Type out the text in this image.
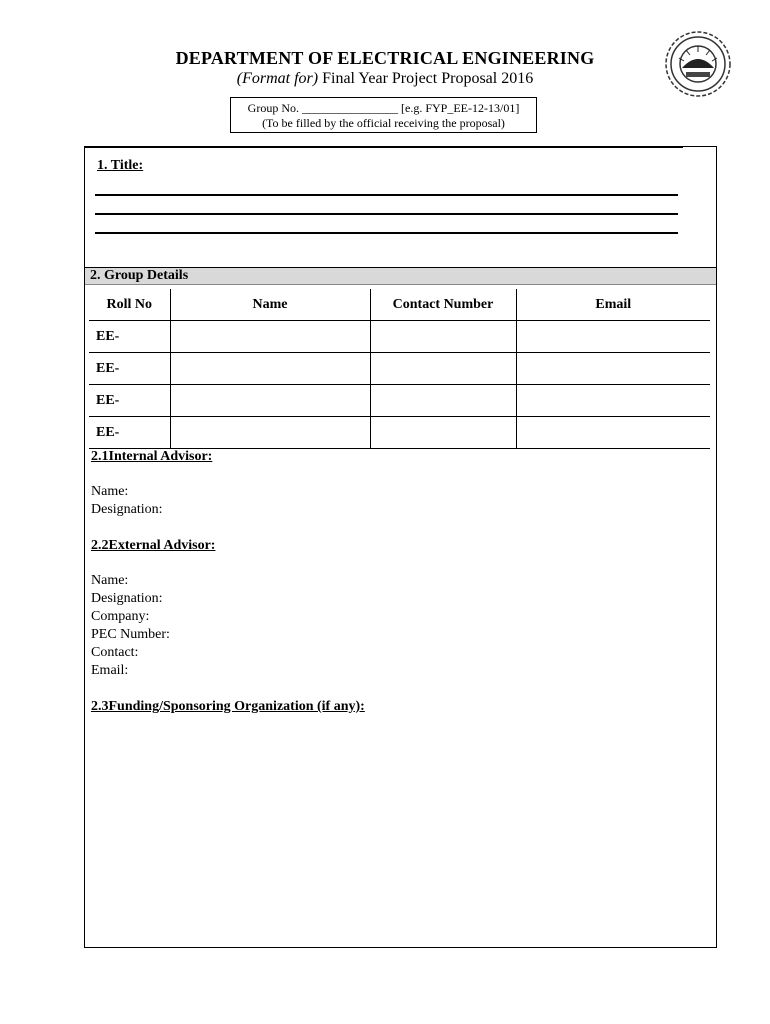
DEPARTMENT OF ELECTRICAL ENGINEERING
(Format for) Final Year Project Proposal 2016
Group No. ________________ [e.g. FYP_EE-12-13/01]
(To be filled by the official receiving the proposal)
1. Title:
2. Group Details
Roll No	Name	Contact Number	Email
EE-			
EE-			
EE-			
EE-			
2.1Internal Advisor:
Name:
Designation:
2.2External Advisor:
Name:
Designation:
Company:
PEC Number:
Contact:
Email:
2.3Funding/Sponsoring Organization (if any):
